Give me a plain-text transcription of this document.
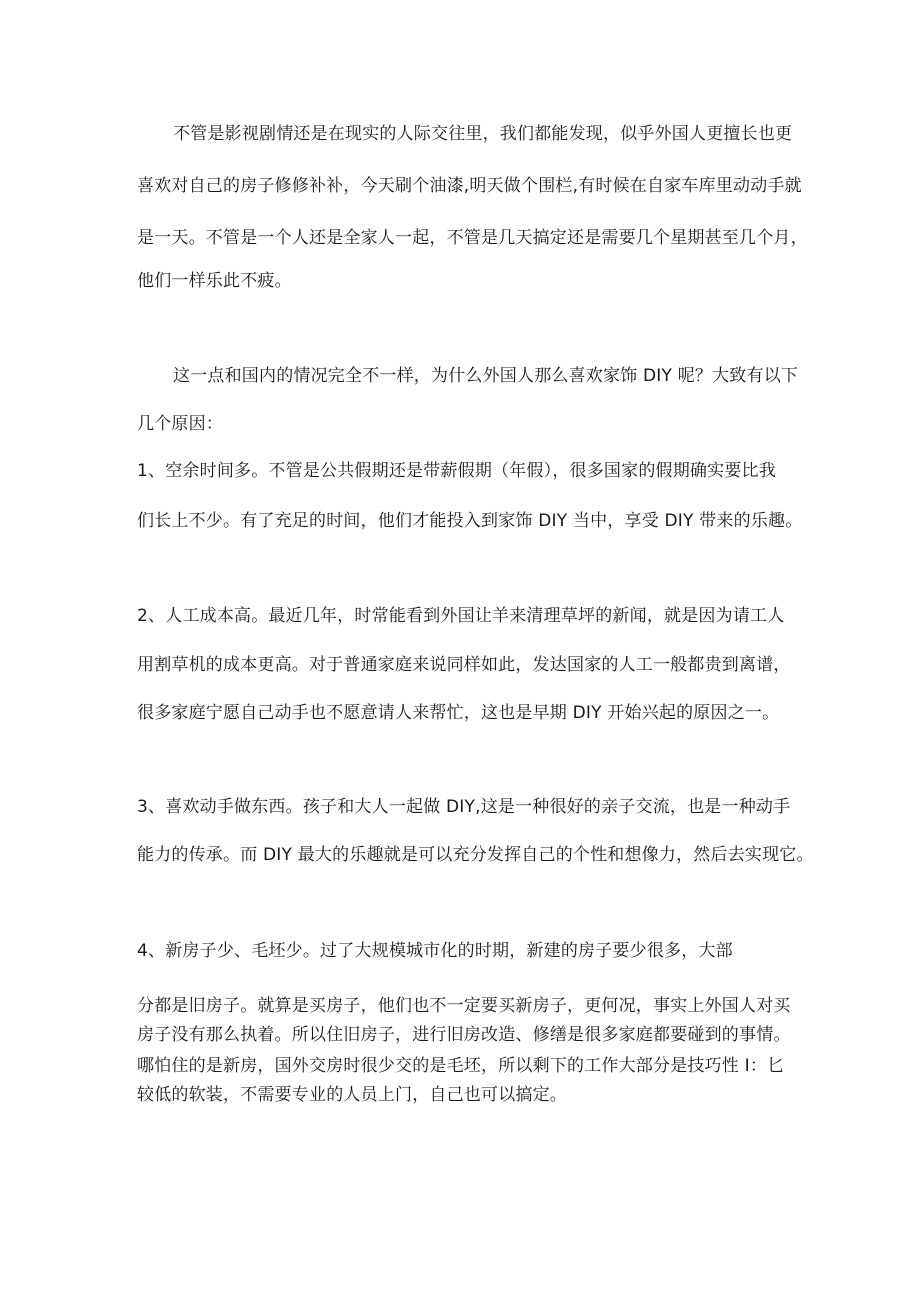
不管是影视剧情还是在现实的人际交往里，我们都能发现，似乎外国人更擅长也更
喜欢对自己的房子修修补补，今天刷个油漆,明天做个围栏,有时候在自家车库里动动手就
是一天。不管是一个人还是全家人一起，不管是几天搞定还是需要几个星期甚至几个月，
他们一样乐此不疲。
这一点和国内的情况完全不一样，为什么外国人那么喜欢家饰 DIY 呢？大致有以下
几个原因：
1、空余时间多。不管是公共假期还是带薪假期（年假），很多国家的假期确实要比我
们长上不少。有了充足的时间，他们才能投入到家饰 DIY 当中，享受 DIY 带来的乐趣。
2、人工成本高。最近几年，时常能看到外国让羊来清理草坪的新闻，就是因为请工人
用割草机的成本更高。对于普通家庭来说同样如此，发达国家的人工一般都贵到离谱，
很多家庭宁愿自己动手也不愿意请人来帮忙，这也是早期 DIY 开始兴起的原因之一。
3、喜欢动手做东西。孩子和大人一起做 DIY,这是一种很好的亲子交流，也是一种动手
能力的传承。而 DIY 最大的乐趣就是可以充分发挥自己的个性和想像力，然后去实现它。
4、新房子少、毛坯少。过了大规模城市化的时期，新建的房子要少很多，大部
分都是旧房子。就算是买房子，他们也不一定要买新房子，更何况，事实上外国人对买
房子没有那么执着。所以住旧房子，进行旧房改造、修缮是很多家庭都要碰到的事情。
哪怕住的是新房，国外交房时很少交的是毛坯，所以剩下的工作大部分是技巧性 I：匕
较低的软装，不需要专业的人员上门，自己也可以搞定。
